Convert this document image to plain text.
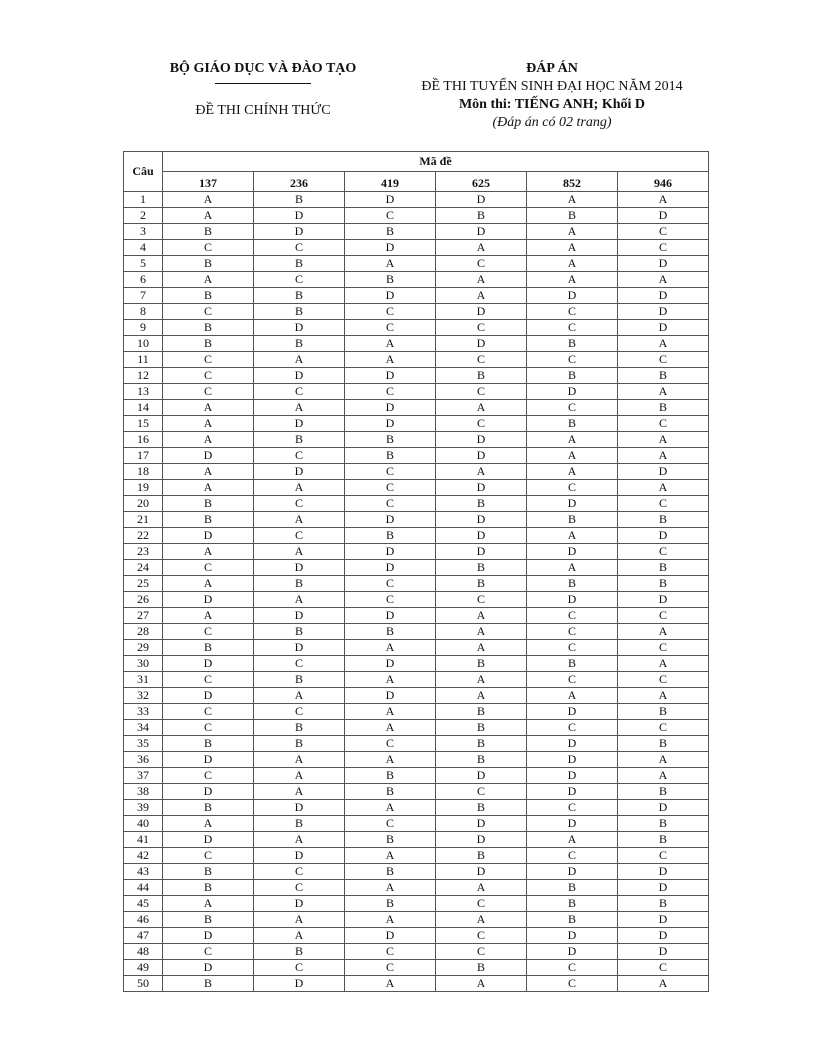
BỘ GIÁO DỤC VÀ ĐÀO TẠO
ĐỀ THI CHÍNH THỨC
ĐÁP ÁN
ĐỀ THI TUYỂN SINH ĐẠI HỌC NĂM 2014
Môn thi: TIẾNG ANH; Khối D
(Đáp án có 02 trang)
Câu	Mã đề					
	137	236	419	625	852	946
1	A	B	D	D	A	A
2	A	D	C	B	B	D
3	B	D	B	D	A	C
4	C	C	D	A	A	C
5	B	B	A	C	A	D
6	A	C	B	A	A	A
7	B	B	D	A	D	D
8	C	B	C	D	C	D
9	B	D	C	C	C	D
10	B	B	A	D	B	A
11	C	A	A	C	C	C
12	C	D	D	B	B	B
13	C	C	C	C	D	A
14	A	A	D	A	C	B
15	A	D	D	C	B	C
16	A	B	B	D	A	A
17	D	C	B	D	A	A
18	A	D	C	A	A	D
19	A	A	C	D	C	A
20	B	C	C	B	D	C
21	B	A	D	D	B	B
22	D	C	B	D	A	D
23	A	A	D	D	D	C
24	C	D	D	B	A	B
25	A	B	C	B	B	B
26	D	A	C	C	D	D
27	A	D	D	A	C	C
28	C	B	B	A	C	A
29	B	D	A	A	C	C
30	D	C	D	B	B	A
31	C	B	A	A	C	C
32	D	A	D	A	A	A
33	C	C	A	B	D	B
34	C	B	A	B	C	C
35	B	B	C	B	D	B
36	D	A	A	B	D	A
37	C	A	B	D	D	A
38	D	A	B	C	D	B
39	B	D	A	B	C	D
40	A	B	C	D	D	B
41	D	A	B	D	A	B
42	C	D	A	B	C	C
43	B	C	B	D	D	D
44	B	C	A	A	B	D
45	A	D	B	C	B	B
46	B	A	A	A	B	D
47	D	A	D	C	D	D
48	C	B	C	C	D	D
49	D	C	C	B	C	C
50	B	D	A	A	C	A
